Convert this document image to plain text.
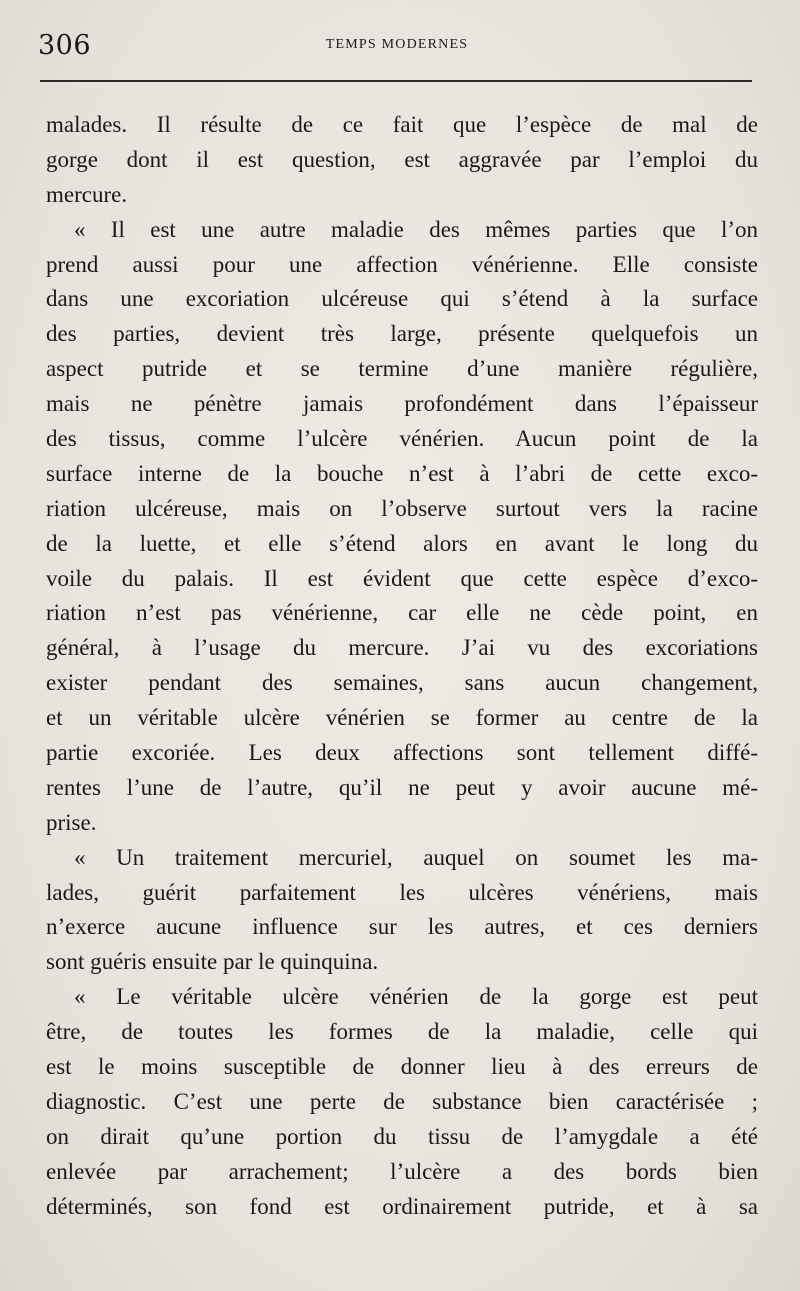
306	TEMPS MODERNES
malades. Il résulte de ce fait que l’espèce de mal de
gorge dont il est question, est aggravée par l’emploi du
mercure.
« Il est une autre maladie des mêmes parties que l’on
prend aussi pour une affection vénérienne. Elle consiste
dans une excoriation ulcéreuse qui s’étend à la surface
des parties, devient très large, présente quelquefois un
aspect putride et se termine d’une manière régulière,
mais ne pénètre jamais profondément dans l’épaisseur
des tissus, comme l’ulcère vénérien. Aucun point de la
surface interne de la bouche n’est à l’abri de cette exco-
riation ulcéreuse, mais on l’observe surtout vers la racine
de la luette, et elle s’étend alors en avant le long du
voile du palais. Il est évident que cette espèce d’exco-
riation n’est pas vénérienne, car elle ne cède point, en
général, à l’usage du mercure. J’ai vu des excoriations
exister pendant des semaines, sans aucun changement,
et un véritable ulcère vénérien se former au centre de la
partie excoriée. Les deux affections sont tellement diffé-
rentes l’une de l’autre, qu’il ne peut y avoir aucune mé-
prise.
« Un traitement mercuriel, auquel on soumet les ma-
lades, guérit parfaitement les ulcères vénériens, mais
n’exerce aucune influence sur les autres, et ces derniers
sont guéris ensuite par le quinquina.
« Le véritable ulcère vénérien de la gorge est peut
être, de toutes les formes de la maladie, celle qui
est le moins susceptible de donner lieu à des erreurs de
diagnostic. C’est une perte de substance bien caractérisée ;
on dirait qu’une portion du tissu de l’amygdale a été
enlevée par arrachement; l’ulcère a des bords bien
déterminés, son fond est ordinairement putride, et à sa
